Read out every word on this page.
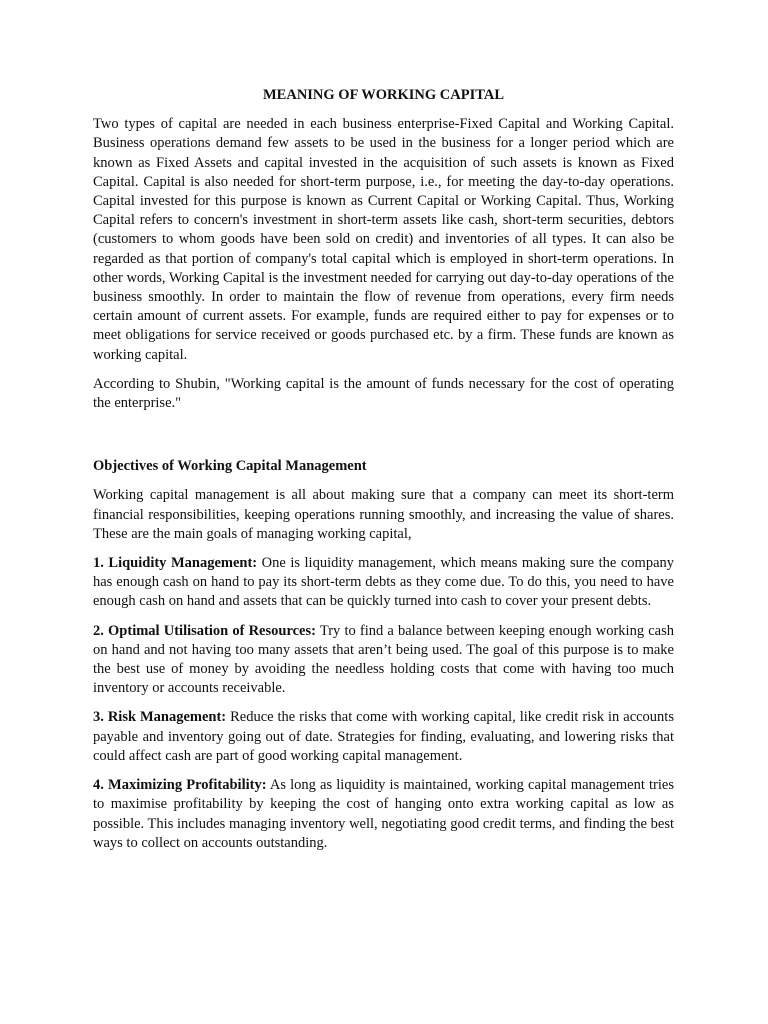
MEANING OF WORKING CAPITAL

Two types of capital are needed in each business enterprise-Fixed Capital and Working Capital. Business operations demand few assets to be used in the business for a longer period which are known as Fixed Assets and capital invested in the acquisition of such assets is known as Fixed Capital. Capital is also needed for short-term purpose, i.e., for meeting the day-to-day operations. Capital invested for this purpose is known as Current Capital or Working Capital. Thus, Working Capital refers to concern's investment in short-term assets like cash, short-term securities, debtors (customers to whom goods have been sold on credit) and inventories of all types. It can also be regarded as that portion of company's total capital which is employed in short-term operations. In other words, Working Capital is the investment needed for carrying out day-to-day operations of the business smoothly. In order to maintain the flow of revenue from operations, every firm needs certain amount of current assets. For example, funds are required either to pay for expenses or to meet obligations for service received or goods purchased etc. by a firm. These funds are known as working capital.

According to Shubin, "Working capital is the amount of funds necessary for the cost of operating the enterprise."

Objectives of Working Capital Management

Working capital management is all about making sure that a company can meet its short-term financial responsibilities, keeping operations running smoothly, and increasing the value of shares. These are the main goals of managing working capital,

1. Liquidity Management: One is liquidity management, which means making sure the company has enough cash on hand to pay its short-term debts as they come due. To do this, you need to have enough cash on hand and assets that can be quickly turned into cash to cover your present debts.

2. Optimal Utilisation of Resources: Try to find a balance between keeping enough working cash on hand and not having too many assets that aren’t being used. The goal of this purpose is to make the best use of money by avoiding the needless holding costs that come with having too much inventory or accounts receivable.

3. Risk Management: Reduce the risks that come with working capital, like credit risk in accounts payable and inventory going out of date. Strategies for finding, evaluating, and lowering risks that could affect cash are part of good working capital management.

4. Maximizing Profitability: As long as liquidity is maintained, working capital management tries to maximise profitability by keeping the cost of hanging onto extra working capital as low as possible. This includes managing inventory well, negotiating good credit terms, and finding the best ways to collect on accounts outstanding.
